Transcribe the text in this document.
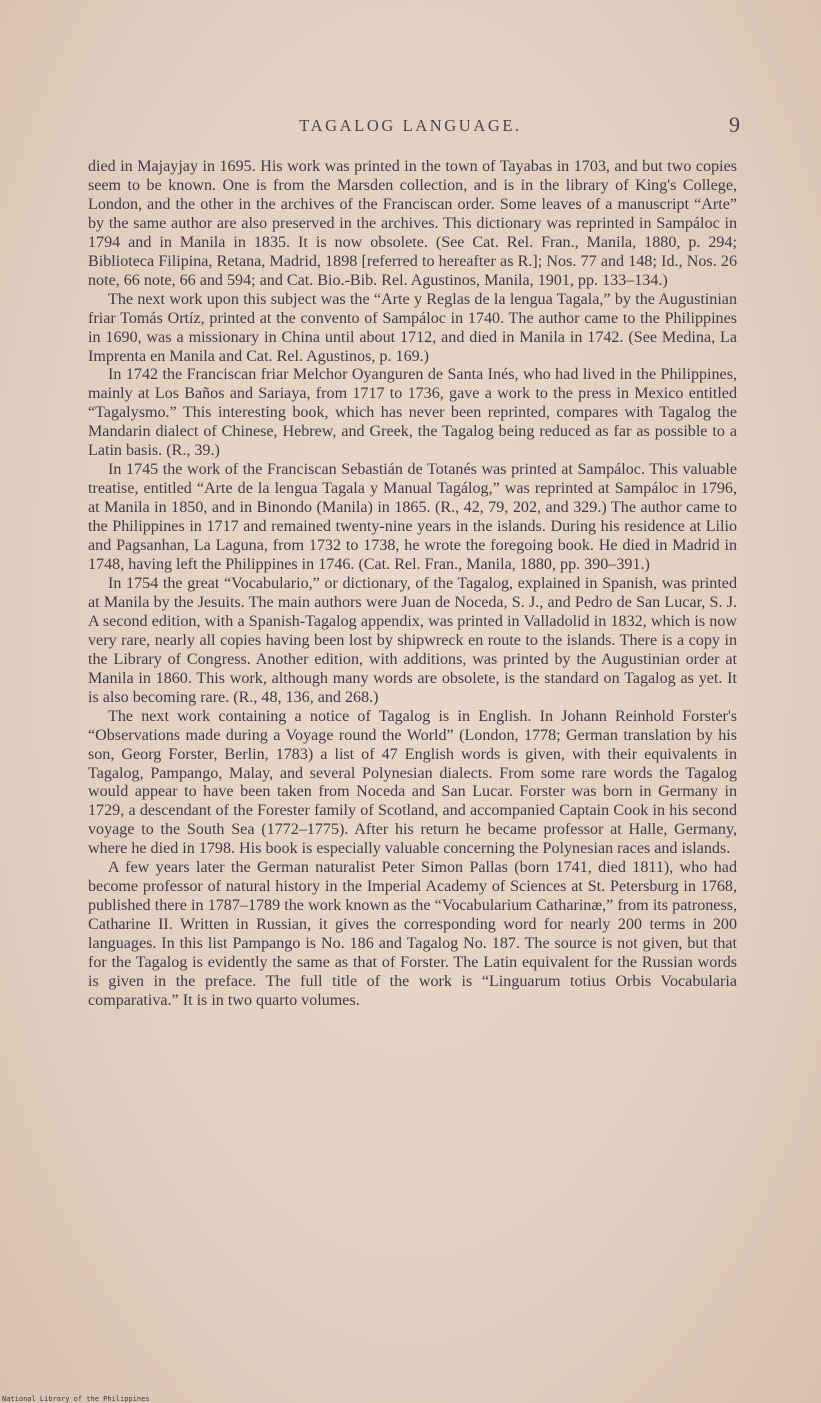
TAGALOG LANGUAGE.	9

died in Majayjay in 1695. His work was printed in the town of Tayabas in 1703, and but two copies seem to be known. One is from the Marsden collection, and is in the library of King's College, London, and the other in the archives of the Franciscan order. Some leaves of a manuscript “Arte” by the same author are also preserved in the archives. This dictionary was reprinted in Sampáloc in 1794 and in Manila in 1835. It is now obsolete. (See Cat. Rel. Fran., Manila, 1880, p. 294; Biblioteca Filipina, Retana, Madrid, 1898 [referred to hereafter as R.]; Nos. 77 and 148; Id., Nos. 26 note, 66 note, 66 and 594; and Cat. Bio.-Bib. Rel. Agustinos, Manila, 1901, pp. 133–134.)

The next work upon this subject was the “Arte y Reglas de la lengua Tagala,” by the Augustinian friar Tomás Ortíz, printed at the convento of Sampáloc in 1740. The author came to the Philippines in 1690, was a missionary in China until about 1712, and died in Manila in 1742. (See Medina, La Imprenta en Manila and Cat. Rel. Agustinos, p. 169.)

In 1742 the Franciscan friar Melchor Oyanguren de Santa Inés, who had lived in the Philippines, mainly at Los Baños and Sariaya, from 1717 to 1736, gave a work to the press in Mexico entitled “Tagalysmo.” This interesting book, which has never been reprinted, compares with Tagalog the Mandarin dialect of Chinese, Hebrew, and Greek, the Tagalog being reduced as far as possible to a Latin basis. (R., 39.)

In 1745 the work of the Franciscan Sebastián de Totanés was printed at Sampáloc. This valuable treatise, entitled “Arte de la lengua Tagala y Manual Tagálog,” was reprinted at Sampáloc in 1796, at Manila in 1850, and in Binondo (Manila) in 1865. (R., 42, 79, 202, and 329.) The author came to the Philippines in 1717 and remained twenty-nine years in the islands. During his residence at Lilio and Pagsanhan, La Laguna, from 1732 to 1738, he wrote the foregoing book. He died in Madrid in 1748, having left the Philippines in 1746. (Cat. Rel. Fran., Manila, 1880, pp. 390–391.)

In 1754 the great “Vocabulario,” or dictionary, of the Tagalog, explained in Spanish, was printed at Manila by the Jesuits. The main authors were Juan de Noceda, S. J., and Pedro de San Lucar, S. J. A second edition, with a Spanish-Tagalog appendix, was printed in Valladolid in 1832, which is now very rare, nearly all copies having been lost by shipwreck en route to the islands. There is a copy in the Library of Congress. Another edition, with additions, was printed by the Augustinian order at Manila in 1860. This work, although many words are obsolete, is the standard on Tagalog as yet. It is also becoming rare. (R., 48, 136, and 268.)

The next work containing a notice of Tagalog is in English. In Johann Reinhold Forster's “Observations made during a Voyage round the World” (London, 1778; German translation by his son, Georg Forster, Berlin, 1783) a list of 47 English words is given, with their equivalents in Tagalog, Pampango, Malay, and several Polynesian dialects. From some rare words the Tagalog would appear to have been taken from Noceda and San Lucar. Forster was born in Germany in 1729, a descendant of the Forester family of Scotland, and accompanied Captain Cook in his second voyage to the South Sea (1772–1775). After his return he became professor at Halle, Germany, where he died in 1798. His book is especially valuable concerning the Polynesian races and islands.

A few years later the German naturalist Peter Simon Pallas (born 1741, died 1811), who had become professor of natural history in the Imperial Academy of Sciences at St. Petersburg in 1768, published there in 1787–1789 the work known as the “Vocabularium Catharinæ,” from its patroness, Catharine II. Written in Russian, it gives the corresponding word for nearly 200 terms in 200 languages. In this list Pampango is No. 186 and Tagalog No. 187. The source is not given, but that for the Tagalog is evidently the same as that of Forster. The Latin equivalent for the Russian words is given in the preface. The full title of the work is “Linguarum totius Orbis Vocabularia comparativa.” It is in two quarto volumes.

National Library of the Philippines
